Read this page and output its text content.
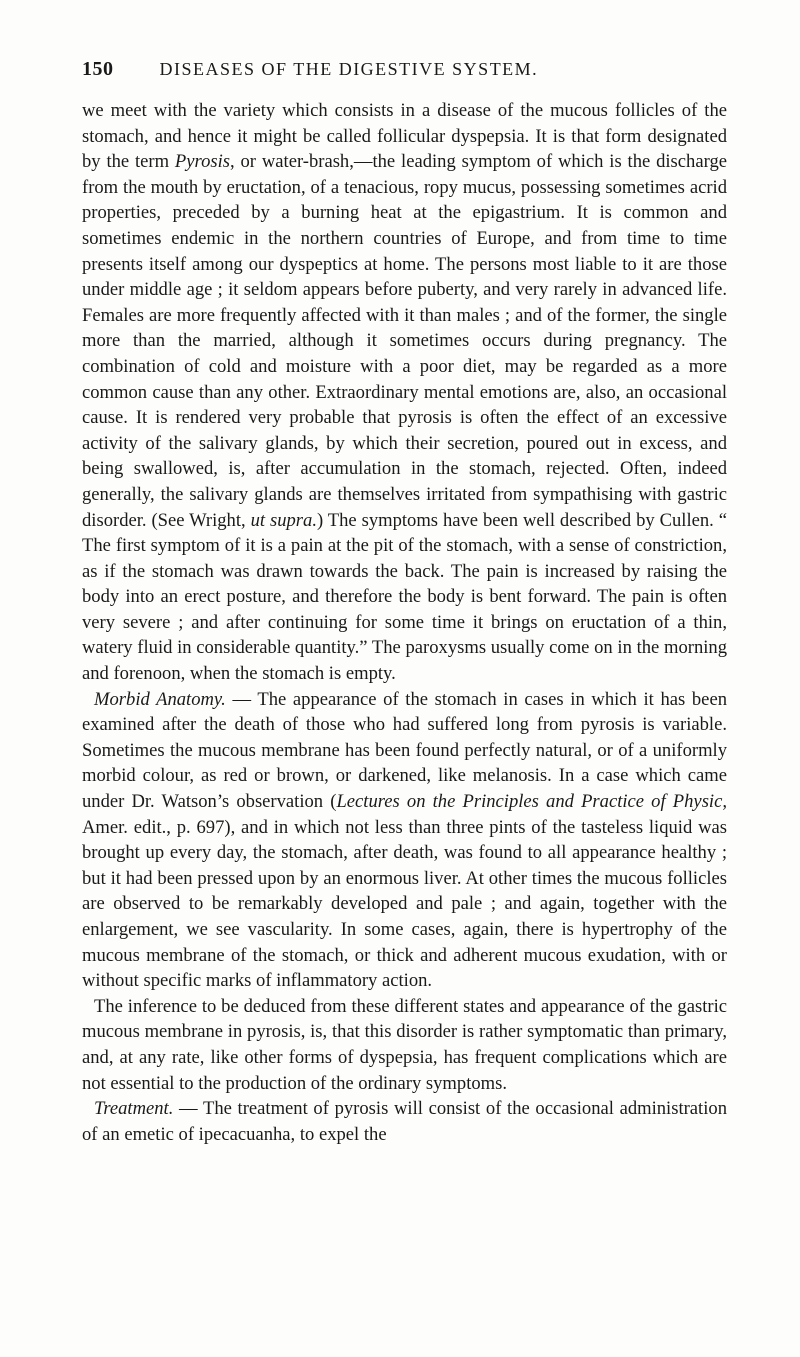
150	DISEASES OF THE DIGESTIVE SYSTEM.

we meet with the variety which consists in a disease of the mucous follicles of the stomach, and hence it might be called follicular dyspepsia. It is that form designated by the term Pyrosis, or water-brash,—the leading symptom of which is the discharge from the mouth by eructation, of a tenacious, ropy mucus, possessing sometimes acrid properties, preceded by a burning heat at the epigastrium. It is common and sometimes endemic in the northern countries of Europe, and from time to time presents itself among our dyspeptics at home. The persons most liable to it are those under middle age ; it seldom appears before puberty, and very rarely in advanced life. Females are more frequently affected with it than males ; and of the former, the single more than the married, although it sometimes occurs during pregnancy. The combination of cold and moisture with a poor diet, may be regarded as a more common cause than any other. Extraordinary mental emotions are, also, an occasional cause. It is rendered very probable that pyrosis is often the effect of an excessive activity of the salivary glands, by which their secretion, poured out in excess, and being swallowed, is, after accumulation in the stomach, rejected. Often, indeed generally, the salivary glands are themselves irritated from sympathising with gastric disorder. (See Wright, ut supra.) The symptoms have been well described by Cullen. “ The first symptom of it is a pain at the pit of the stomach, with a sense of constriction, as if the stomach was drawn towards the back. The pain is increased by raising the body into an erect posture, and therefore the body is bent forward. The pain is often very severe ; and after continuing for some time it brings on eructation of a thin, watery fluid in considerable quantity.” The paroxysms usually come on in the morning and forenoon, when the stomach is empty.

Morbid Anatomy. — The appearance of the stomach in cases in which it has been examined after the death of those who had suffered long from pyrosis is variable. Sometimes the mucous membrane has been found perfectly natural, or of a uniformly morbid colour, as red or brown, or darkened, like melanosis. In a case which came under Dr. Watson’s observation (Lectures on the Principles and Practice of Physic, Amer. edit., p. 697), and in which not less than three pints of the tasteless liquid was brought up every day, the stomach, after death, was found to all appearance healthy ; but it had been pressed upon by an enormous liver. At other times the mucous follicles are observed to be remarkably developed and pale ; and again, together with the enlargement, we see vascularity. In some cases, again, there is hypertrophy of the mucous membrane of the stomach, or thick and adherent mucous exudation, with or without specific marks of inflammatory action.

The inference to be deduced from these different states and appearance of the gastric mucous membrane in pyrosis, is, that this disorder is rather symptomatic than primary, and, at any rate, like other forms of dyspepsia, has frequent complications which are not essential to the production of the ordinary symptoms.

Treatment. — The treatment of pyrosis will consist of the occasional administration of an emetic of ipecacuanha, to expel the
